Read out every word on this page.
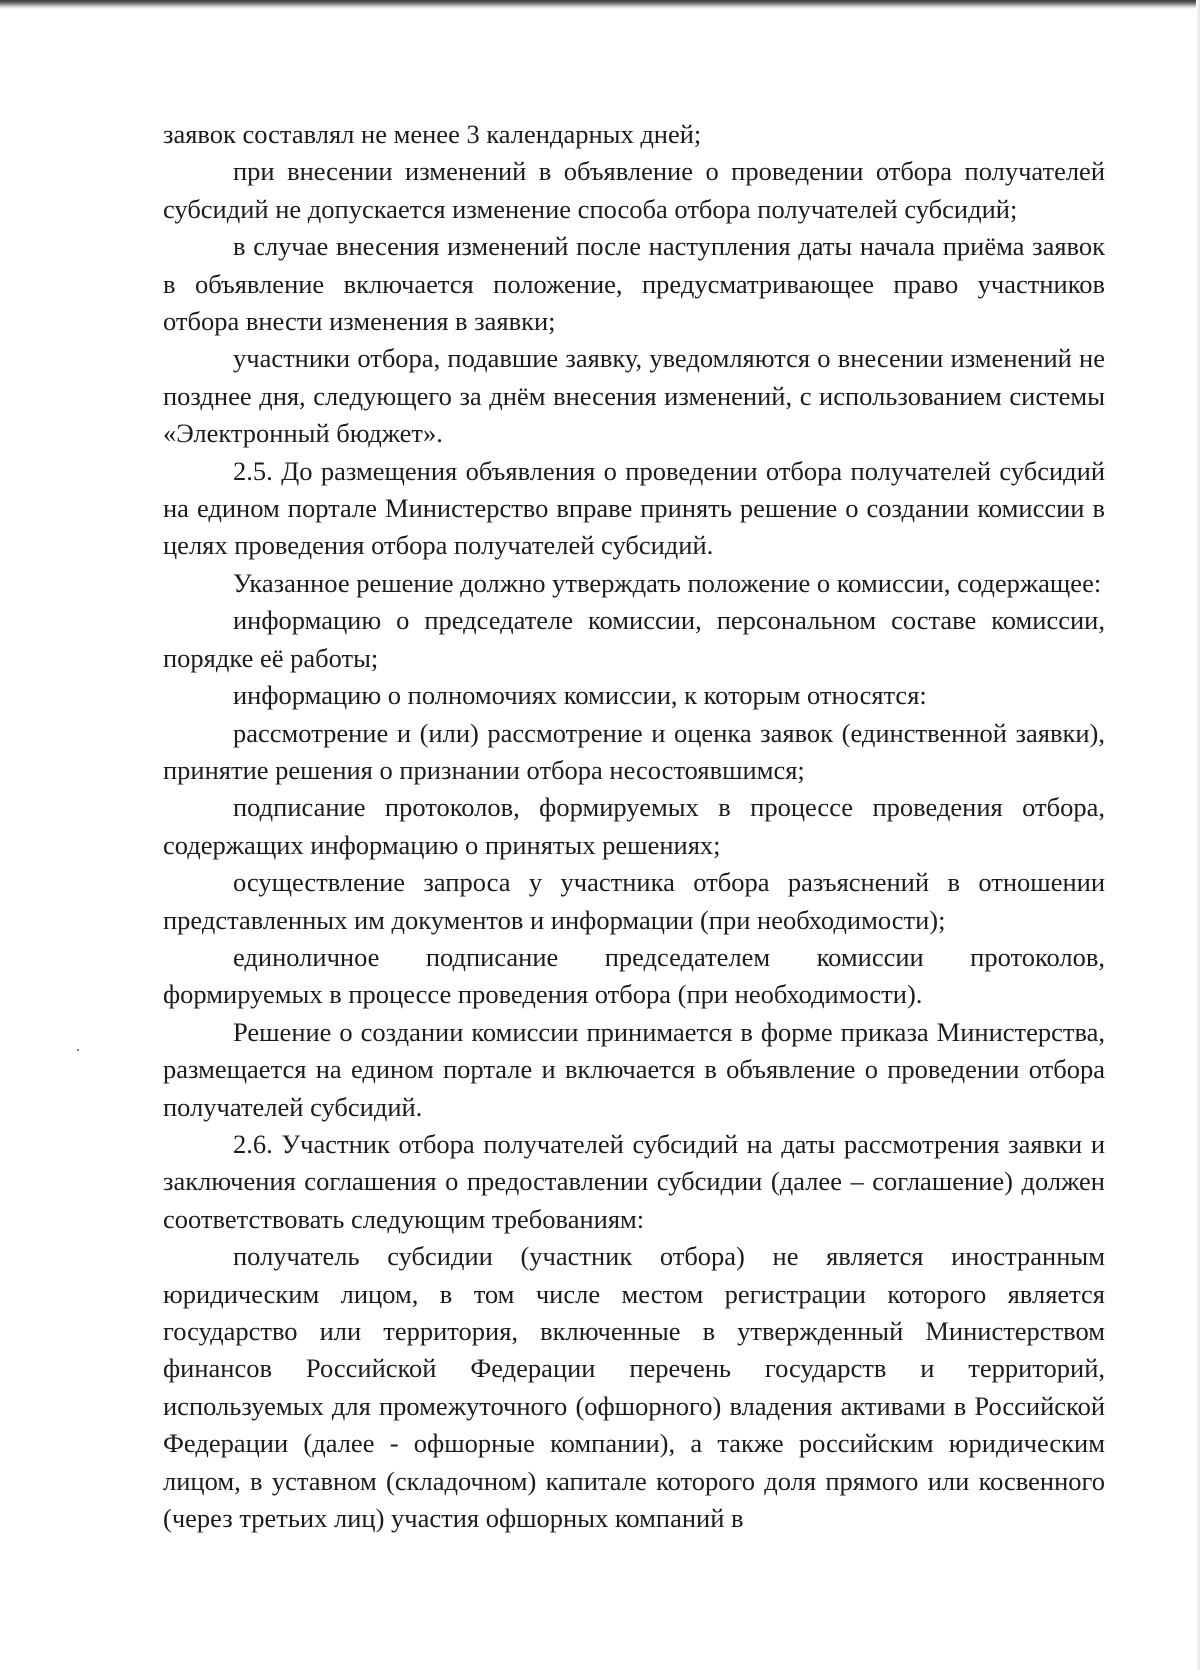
заявок составлял не менее 3 календарных дней;

при внесении изменений в объявление о проведении отбора получателей субсидий не допускается изменение способа отбора получателей субсидий;

в случае внесения изменений после наступления даты начала приёма заявок в объявление включается положение, предусматривающее право участников отбора внести изменения в заявки;

участники отбора, подавшие заявку, уведомляются о внесении изменений не позднее дня, следующего за днём внесения изменений, с использованием системы «Электронный бюджет».

2.5. До размещения объявления о проведении отбора получателей субсидий на едином портале Министерство вправе принять решение о создании комиссии в целях проведения отбора получателей субсидий.

Указанное решение должно утверждать положение о комиссии, содержащее:

информацию о председателе комиссии, персональном составе комиссии, порядке её работы;

информацию о полномочиях комиссии, к которым относятся:

рассмотрение и (или) рассмотрение и оценка заявок (единственной заявки), принятие решения о признании отбора несостоявшимся;

подписание протоколов, формируемых в процессе проведения отбора, содержащих информацию о принятых решениях;

осуществление запроса у участника отбора разъяснений в отношении представленных им документов и информации (при необходимости);

единоличное подписание председателем комиссии протоколов, формируемых в процессе проведения отбора (при необходимости).

Решение о создании комиссии принимается в форме приказа Министерства, размещается на едином портале и включается в объявление о проведении отбора получателей субсидий.

2.6. Участник отбора получателей субсидий на даты рассмотрения заявки и заключения соглашения о предоставлении субсидии (далее – соглашение) должен соответствовать следующим требованиям:

получатель субсидии (участник отбора) не является иностранным юридическим лицом, в том числе местом регистрации которого является государство или территория, включенные в утвержденный Министерством финансов Российской Федерации перечень государств и территорий, используемых для промежуточного (офшорного) владения активами в Российской Федерации (далее - офшорные компании), а также российским юридическим лицом, в уставном (складочном) капитале которого доля прямого или косвенного (через третьих лиц) участия офшорных компаний в
